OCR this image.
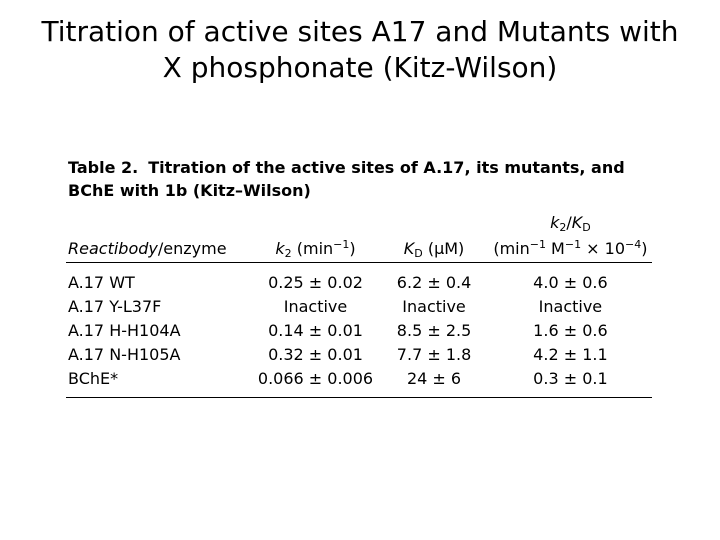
Titration of active sites A17 and Mutants with
X phosphonate (Kitz-Wilson)
Table 2. Titration of the active sites of A.17, its mutants, and
BChE with 1b (Kitz–Wilson)
			$k_2/K_D$
Reactibody/enzyme	$k_2$ $(\min^{-1})$	$K_D$ (μM)	($\min^{-1}$ $M^{-1} \times 10^{-4}$)
A.17 WT	0.25 ± 0.02	6.2 ± 0.4	4.0 ± 0.6
A.17 Y-L37F	Inactive	Inactive	Inactive
A.17 H-H104A	0.14 ± 0.01	8.5 ± 2.5	1.6 ± 0.6
A.17 N-H105A	0.32 ± 0.01	7.7 ± 1.8	4.2 ± 1.1
BChE*	0.066 ± 0.006	24 ± 6	0.3 ± 0.1
